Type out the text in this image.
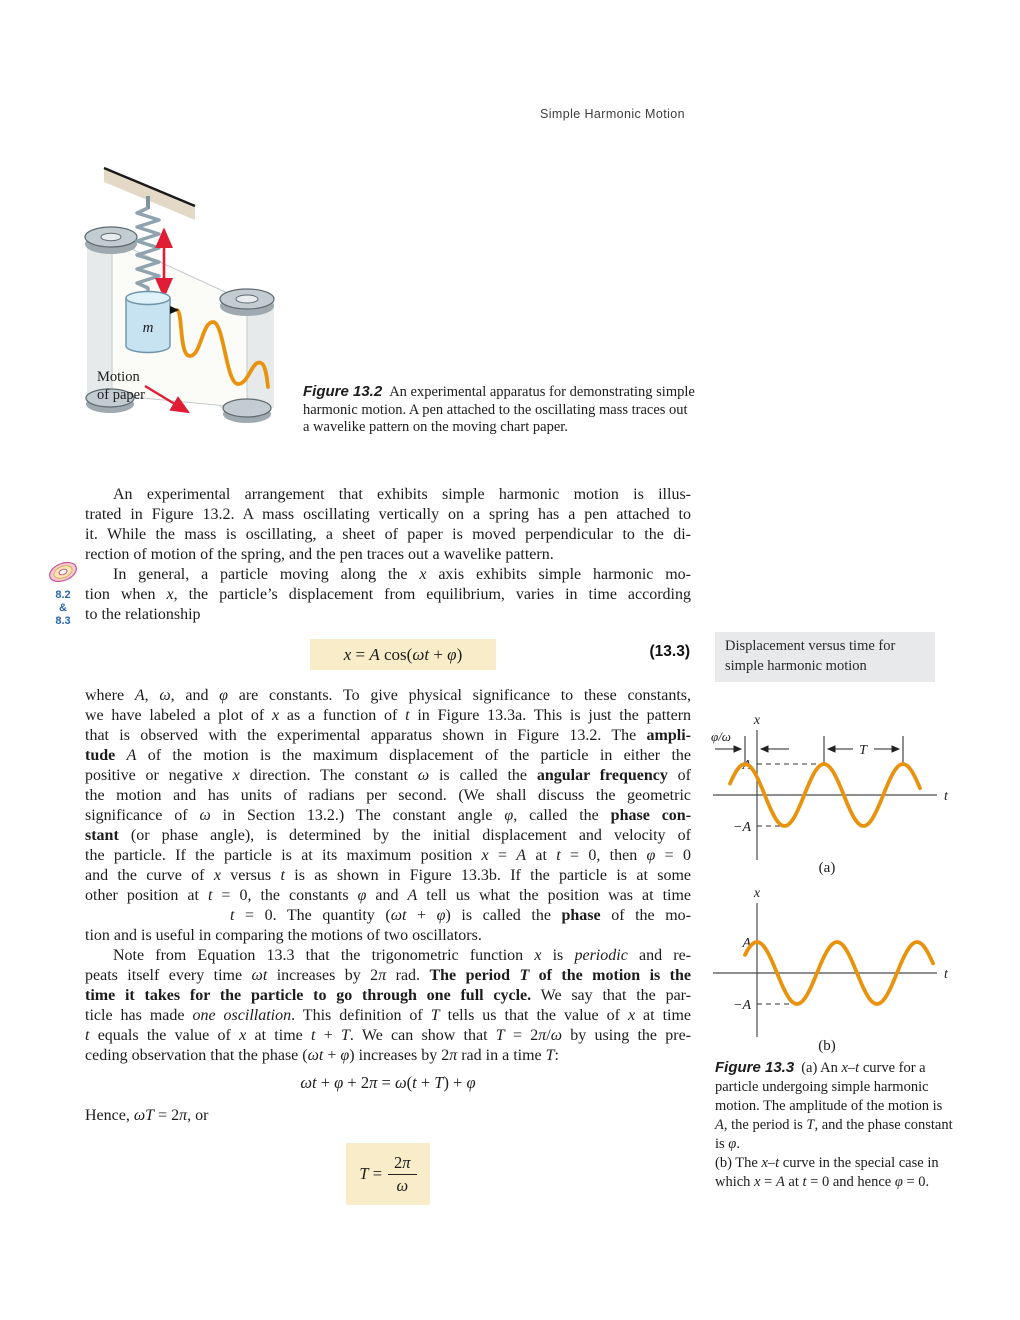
Simple Harmonic Motion
m
Motion
of paper	Figure 13.2 An experimental apparatus for demonstrating simple harmonic motion. A pen attached to the oscillating mass traces out a wavelike pattern on the moving chart paper.
8.2
&
8.3
An experimental arrangement that exhibits simple harmonic motion is illus-
trated in Figure 13.2. A mass oscillating vertically on a spring has a pen attached to
it. While the mass is oscillating, a sheet of paper is moved perpendicular to the di-
rection of motion of the spring, and the pen traces out a wavelike pattern.
In general, a particle moving along the x axis exhibits simple harmonic mo-
tion when x, the particle’s displacement from equilibrium, varies in time according
to the relationship
x = A cos(ωt + φ)	(13.3)	Displacement versus time for simple harmonic motion
where A, ω, and φ are constants. To give physical significance to these constants,
we have labeled a plot of x as a function of t in Figure 13.3a. This is just the pattern
that is observed with the experimental apparatus shown in Figure 13.2. The ampli-
tude A of the motion is the maximum displacement of the particle in either the
positive or negative x direction. The constant ω is called the angular frequency of
the motion and has units of radians per second. (We shall discuss the geometric
significance of ω in Section 13.2.) The constant angle φ, called the phase con-
stant (or phase angle), is determined by the initial displacement and velocity of
the particle. If the particle is at its maximum position x = A at t = 0, then φ = 0
and the curve of x versus t is as shown in Figure 13.3b. If the particle is at some
other position at t = 0, the constants φ and A tell us what the position was at time
t = 0. The quantity (ωt + φ) is called the phase of the mo-
tion and is useful in comparing the motions of two oscillators.
Note from Equation 13.3 that the trigonometric function x is periodic and re-
peats itself every time ωt increases by 2π rad. The period T of the motion is the
time it takes for the particle to go through one full cycle. We say that the par-
ticle has made one oscillation. This definition of T tells us that the value of x at time
t equals the value of x at time t + T. We can show that T = 2π/ω by using the pre-
ceding observation that the phase (ωt + φ) increases by 2π rad in a time T:
ωt + φ + 2π = ω(t + T) + φ
Hence, ωT = 2π, or
$T = \frac{2\pi}{\omega}$
x
t
φ/ω
T
A
−A
(a)
x
t
A
−A
(b)
Figure 13.3 (a) An x–t curve for a particle undergoing simple harmonic motion. The amplitude of the motion is A, the period is T, and the phase constant is φ.
(b) The x–t curve in the special case in which x = A at t = 0 and hence φ = 0.
